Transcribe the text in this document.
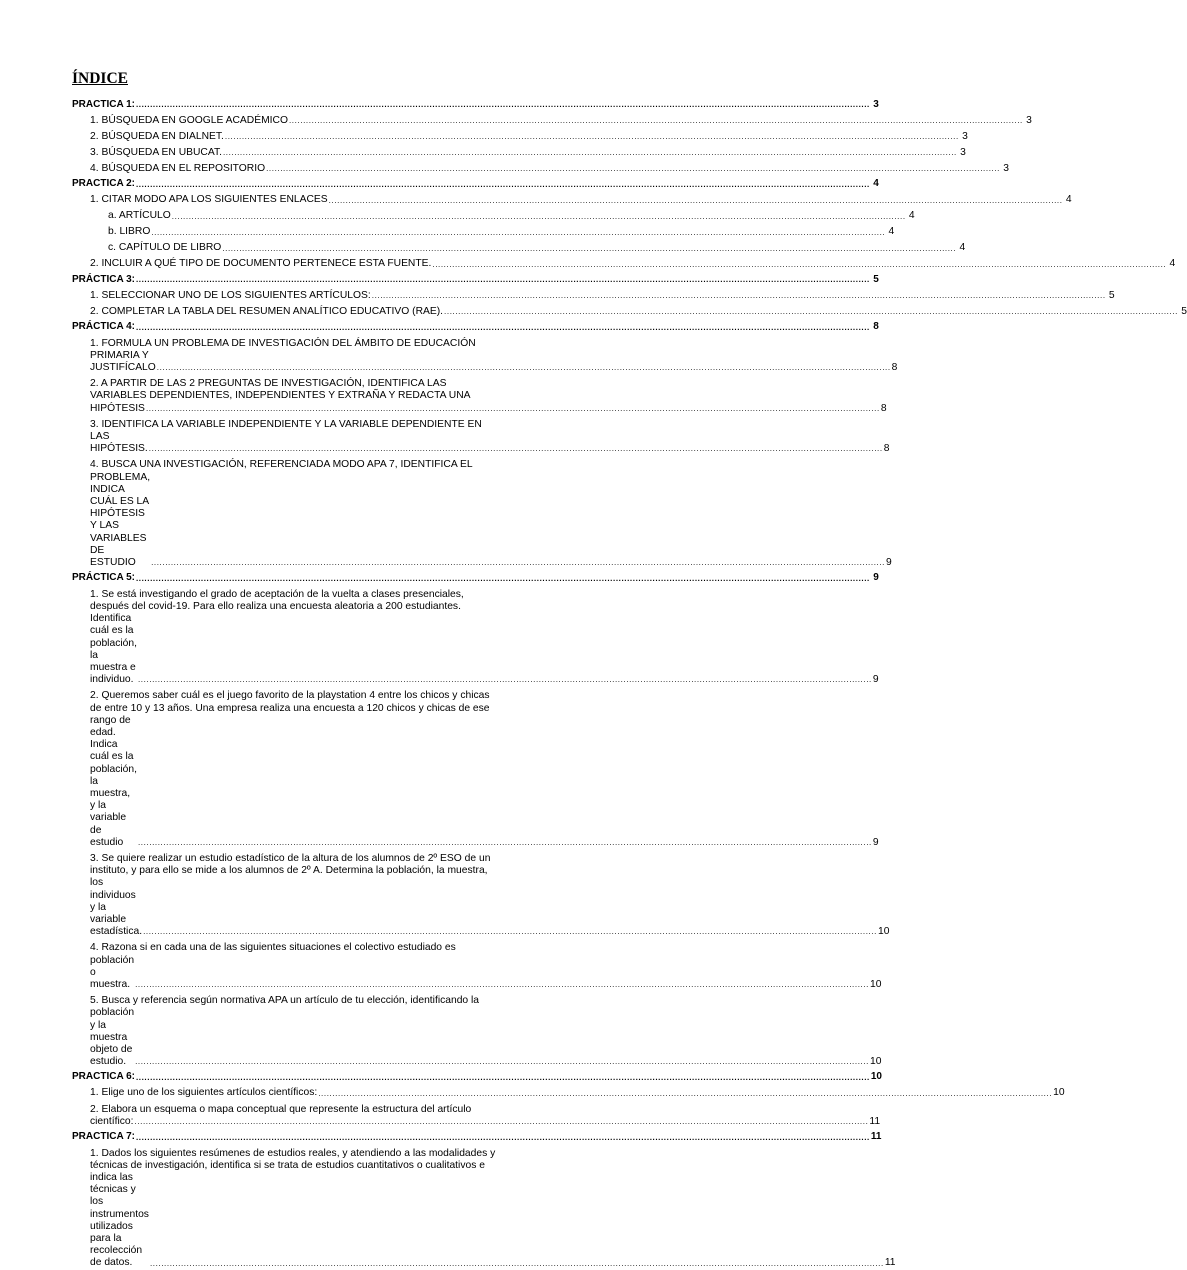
ÍNDICE
PRACTICA 1: .................................................................................................................................................................................................................................................................... 3
1. BÚSQUEDA EN GOOGLE ACADÉMICO .................................................................................................................................................................................................................................................................... 3
2. BÚSQUEDA EN DIALNET. .................................................................................................................................................................................................................................................................... 3
3. BÚSQUEDA EN UBUCAT. .................................................................................................................................................................................................................................................................... 3
4. BÚSQUEDA EN EL REPOSITORIO .................................................................................................................................................................................................................................................................... 3
PRACTICA 2: .................................................................................................................................................................................................................................................................... 4
1. CITAR MODO APA LOS SIGUIENTES ENLACES .................................................................................................................................................................................................................................................................... 4
a. ARTÍCULO .................................................................................................................................................................................................................................................................... 4
b. LIBRO .................................................................................................................................................................................................................................................................... 4
c. CAPÍTULO DE LIBRO .................................................................................................................................................................................................................................................................... 4
2. INCLUIR A QUÉ TIPO DE DOCUMENTO PERTENECE ESTA FUENTE. .................................................................................................................................................................................................................................................................... 4
PRÁCTICA 3: .................................................................................................................................................................................................................................................................... 5
1. SELECCIONAR UNO DE LOS SIGUIENTES ARTÍCULOS: .................................................................................................................................................................................................................................................................... 5
2. COMPLETAR LA TABLA DEL RESUMEN ANALÍTICO EDUCATIVO (RAE). .................................................................................................................................................................................................................................................................... 5
PRÁCTICA 4: .................................................................................................................................................................................................................................................................... 8
1. FORMULA UN PROBLEMA DE INVESTIGACIÓN DEL ÁMBITO DE EDUCACIÓN
PRIMARIA Y JUSTIFÍCALO .................................................................................................................................................................................................................................................................... 8
2. A PARTIR DE LAS 2 PREGUNTAS DE INVESTIGACIÓN, IDENTIFICA LAS
VARIABLES DEPENDIENTES, INDEPENDIENTES Y EXTRAÑA Y REDACTA UNA
HIPÓTESIS .................................................................................................................................................................................................................................................................... 8
3. IDENTIFICA LA VARIABLE INDEPENDIENTE Y LA VARIABLE DEPENDIENTE EN
LAS HIPÓTESIS. .................................................................................................................................................................................................................................................................... 8
4. BUSCA UNA INVESTIGACIÓN, REFERENCIADA MODO APA 7, IDENTIFICA EL
PROBLEMA, INDICA CUÁL ES LA HIPÓTESIS Y LAS VARIABLES DE ESTUDIO	.................................................................................................................................................................................................................................................................... 9
PRÁCTICA 5: .................................................................................................................................................................................................................................................................... 9
1. Se está investigando el grado de aceptación de la vuelta a clases presenciales,
después del covid-19. Para ello realiza una encuesta aleatoria a 200 estudiantes.
Identifica cuál es la población, la muestra e individuo. .................................................................................................................................................................................................................................................................... 9
2. Queremos saber cuál es el juego favorito de la playstation 4 entre los chicos y chicas
de entre 10 y 13 años. Una empresa realiza una encuesta a 120 chicos y chicas de ese
rango de edad. Indica cuál es la población, la muestra, y la variable de estudio	.................................................................................................................................................................................................................................................................... 9
3. Se quiere realizar un estudio estadístico de la altura de los alumnos de 2º ESO de un
instituto, y para ello se mide a los alumnos de 2º A. Determina la población, la muestra,
los individuos y la variable estadística. .................................................................................................................................................................................................................................................................... 10
4. Razona si en cada una de las siguientes situaciones el colectivo estudiado es
población o muestra. .................................................................................................................................................................................................................................................................... 10
5. Busca y referencia según normativa APA un artículo de tu elección, identificando la
población y la muestra objeto de estudio.	.................................................................................................................................................................................................................................................................... 10
PRACTICA 6: .................................................................................................................................................................................................................................................................... 10
1. Elige uno de los siguientes artículos científicos: .................................................................................................................................................................................................................................................................... 10
2. Elabora un esquema o mapa conceptual que represente la estructura del artículo
científico: .................................................................................................................................................................................................................................................................... 11
PRACTICA 7: .................................................................................................................................................................................................................................................................... 11
1. Dados los siguientes resúmenes de estudios reales, y atendiendo a las modalidades y
técnicas de investigación, identifica si se trata de estudios cuantitativos o cualitativos e
indica las técnicas y los instrumentos utilizados para la recolección de datos.	.................................................................................................................................................................................................................................................................... 11
